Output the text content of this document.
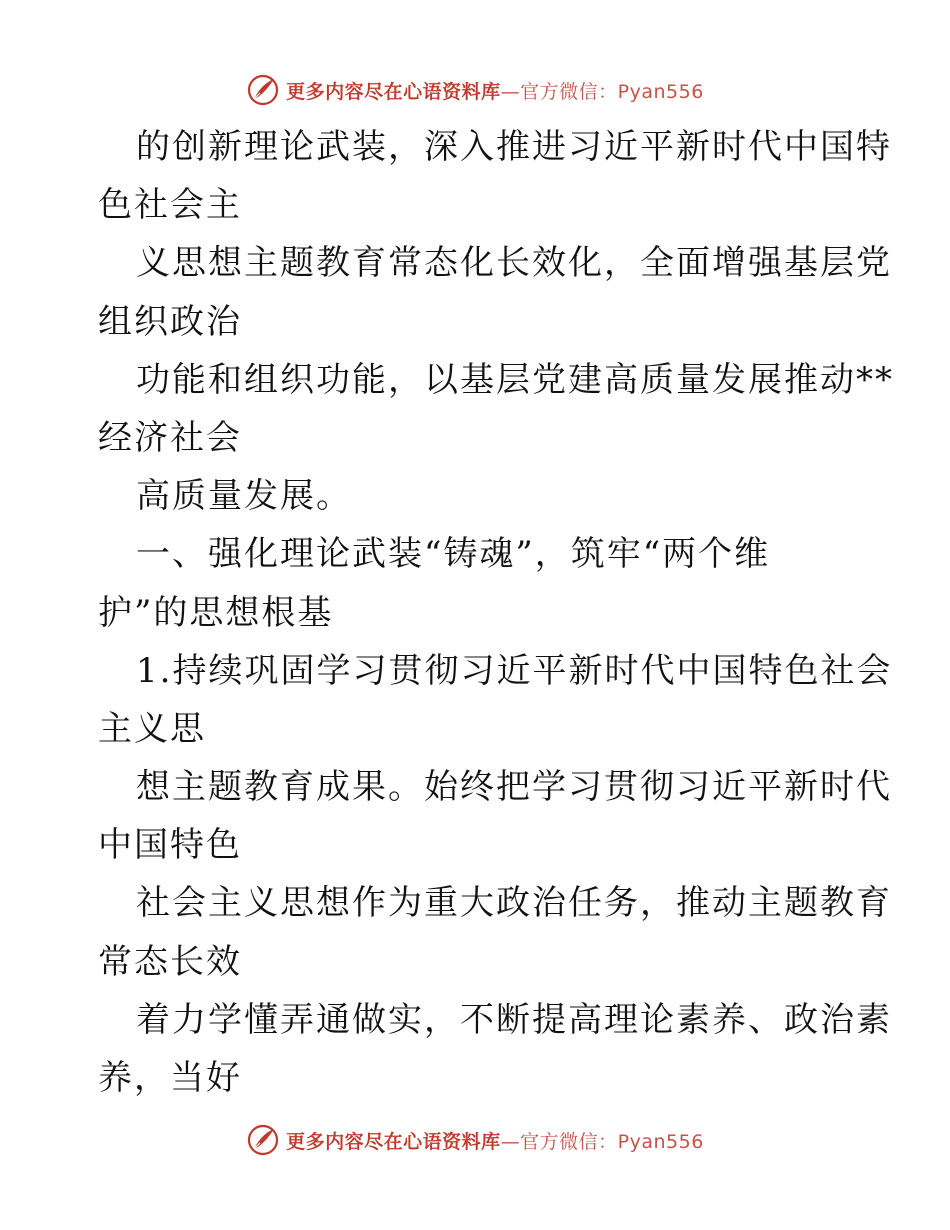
更多内容尽在心语资料库—官方微信：Pyan556
的创新理论武装，深入推进习近平新时代中国特
色社会主
义思想主题教育常态化长效化，全面增强基层党
组织政治
功能和组织功能，以基层党建高质量发展推动**
经济社会
高质量发展。
一、强化理论武装“铸魂”，筑牢“两个维
护”的思想根基
1.持续巩固学习贯彻习近平新时代中国特色社会
主义思
想主题教育成果。始终把学习贯彻习近平新时代
中国特色
社会主义思想作为重大政治任务，推动主题教育
常态长效
着力学懂弄通做实，不断提高理论素养、政治素
养，当好
更多内容尽在心语资料库—官方微信：Pyan556
